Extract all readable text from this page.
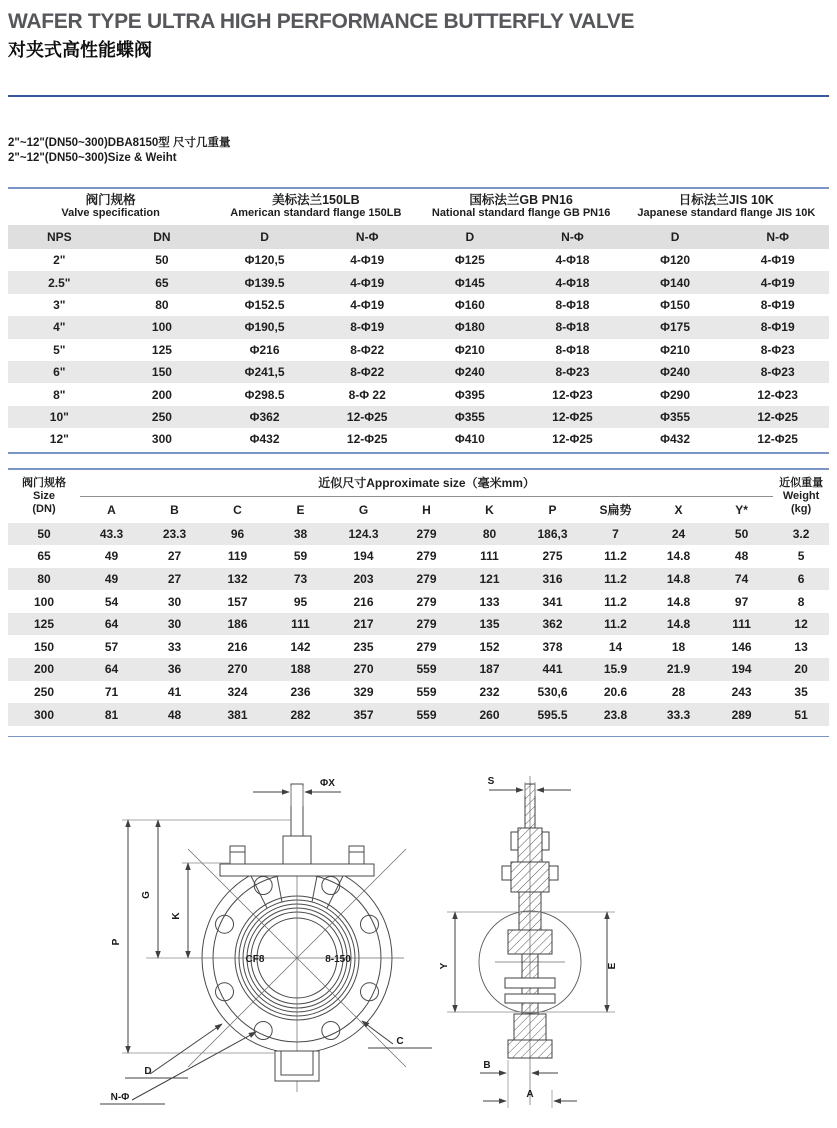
WAFER TYPE ULTRA HIGH PERFORMANCE BUTTERFLY VALVE
对夹式高性能蝶阀
2"~12"(DN50~300)DBA8150型 尺寸几重量
2"~12"(DN50~300)Size & Weiht
阀门规格
Valve specification

美标法兰150LB
American standard flange 150LB

国标法兰GB PN16
National standard flange GB PN16

日标法兰JIS 10K
Japanese standard flange JIS 10K

NPS	DN	D	N-Φ	D	N-Φ	D	N-Φ
2"	50	Φ120,5	4-Φ19	Φ125	4-Φ18	Φ120	4-Φ19
2.5"	65	Φ139.5	4-Φ19	Φ145	4-Φ18	Φ140	4-Φ19
3"	80	Φ152.5	4-Φ19	Φ160	8-Φ18	Φ150	8-Φ19
4"	100	Φ190,5	8-Φ19	Φ180	8-Φ18	Φ175	8-Φ19
5"	125	Φ216	8-Φ22	Φ210	8-Φ18	Φ210	8-Φ23
6"	150	Φ241,5	8-Φ22	Φ240	8-Φ23	Φ240	8-Φ23
8"	200	Φ298.5	8-Φ 22	Φ395	12-Φ23	Φ290	12-Φ23
10"	250	Φ362	12-Φ25	Φ355	12-Φ25	Φ355	12-Φ25
12"	300	Φ432	12-Φ25	Φ410	12-Φ25	Φ432	12-Φ25
阀门规格
Size
(DN)
	近似尺寸Approximate size（毫米mm）	近似重量
Weight
(kg)

	A	B	C	E	G	H	K	P	S扁势	X	Y*	
50	43.3	23.3	96	38	124.3	279	80	186,3	7	24	50	3.2
65	49	27	119	59	194	279	111	275	11.2	14.8	48	5
80	49	27	132	73	203	279	121	316	11.2	14.8	74	6
100	54	30	157	95	216	279	133	341	11.2	14.8	97	8
125	64	30	186	111	217	279	135	362	11.2	14.8	111	12
150	57	33	216	142	235	279	152	378	14	18	146	13
200	64	36	270	188	270	559	187	441	15.9	21.9	194	20
250	71	41	324	236	329	559	232	530,6	20.6	28	243	35
300	81	48	381	282	357	559	260	595.5	23.8	33.3	289	51
ΦX
P
G
K
CF8	8-150
C
D
N-Φ
S
Y	E
B
A
